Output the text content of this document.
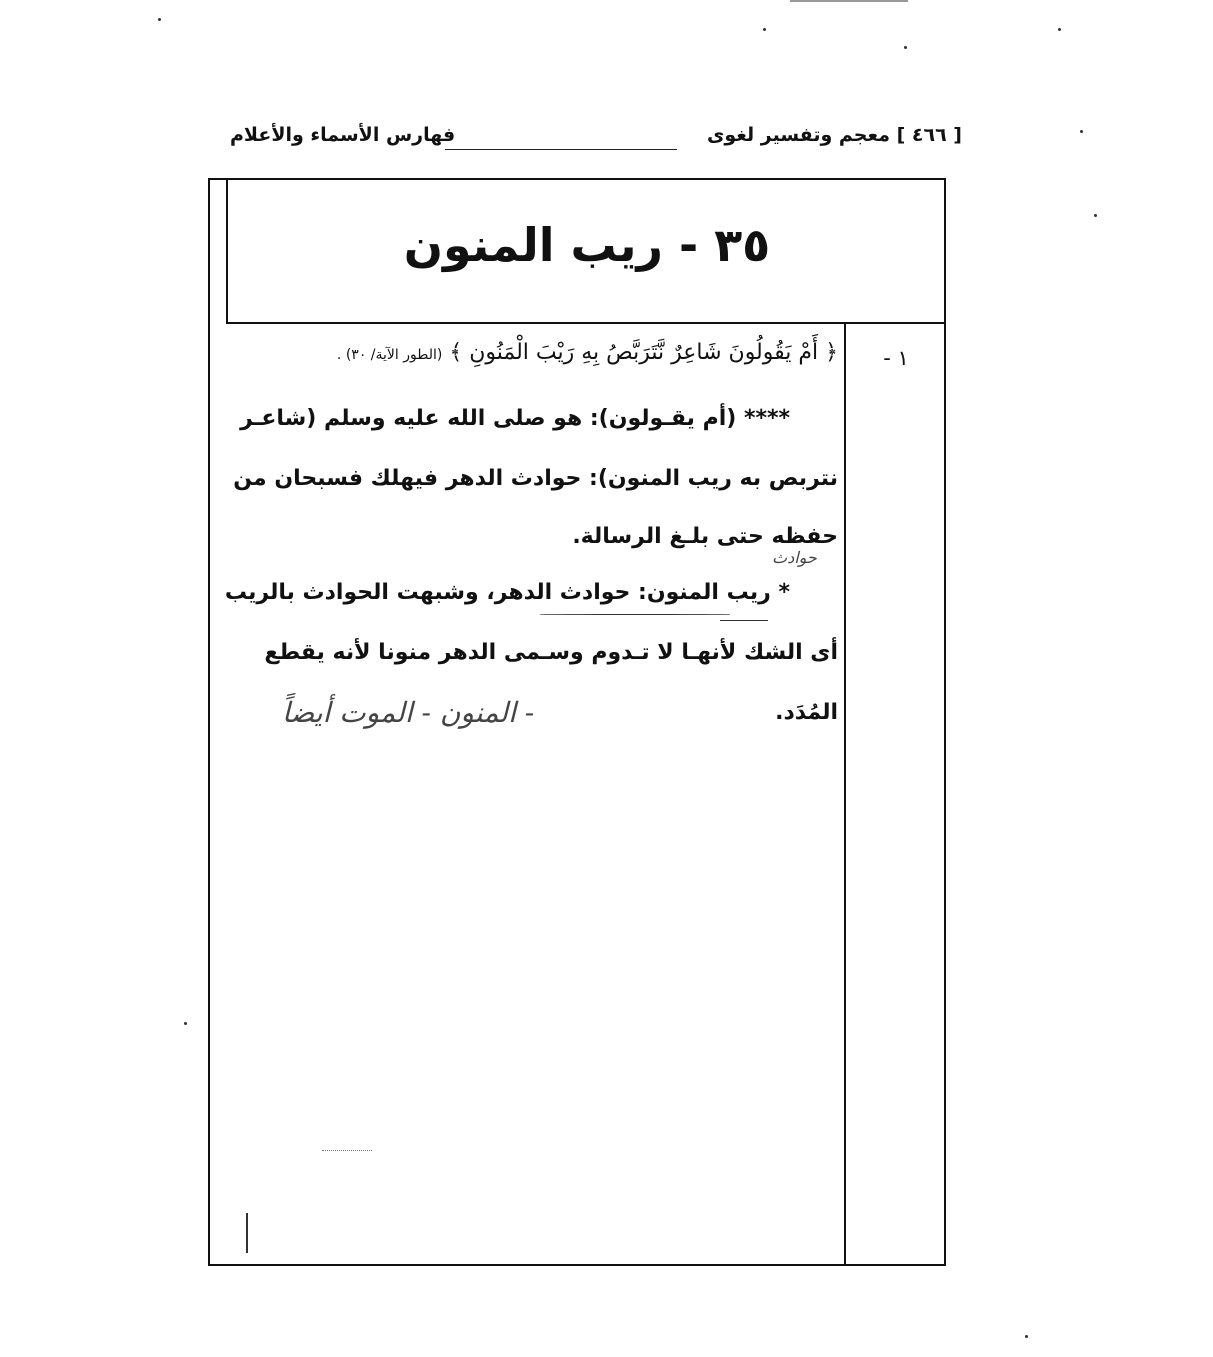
[ ٤٦٦ ] معجم وتفسير لغوى
فهارس الأسماء والأعلام
٣٥ - ريب المنون
١ -
﴿ أَمْ يَقُولُونَ شَاعِرٌ نَّتَرَبَّصُ بِهِ رَيْبَ الْمَنُونِ ﴾ (الطور الآية/ ٣٠) .
**** (أم يقـولون): هو صلى الله عليه وسلم (شاعـر
نتربص به ريب المنون): حوادث الدهر فيهلك فسبحان من
حفظه حتى بلـغ الرسالة.
* ريب المنون: حوادث الدهر، وشبهت الحوادث بالريب
أى الشك لأنهـا لا تـدوم وسـمى الدهر منونا لأنه يقطع
المُدَد.
حوادث
- المنون - الموت أيضاً
